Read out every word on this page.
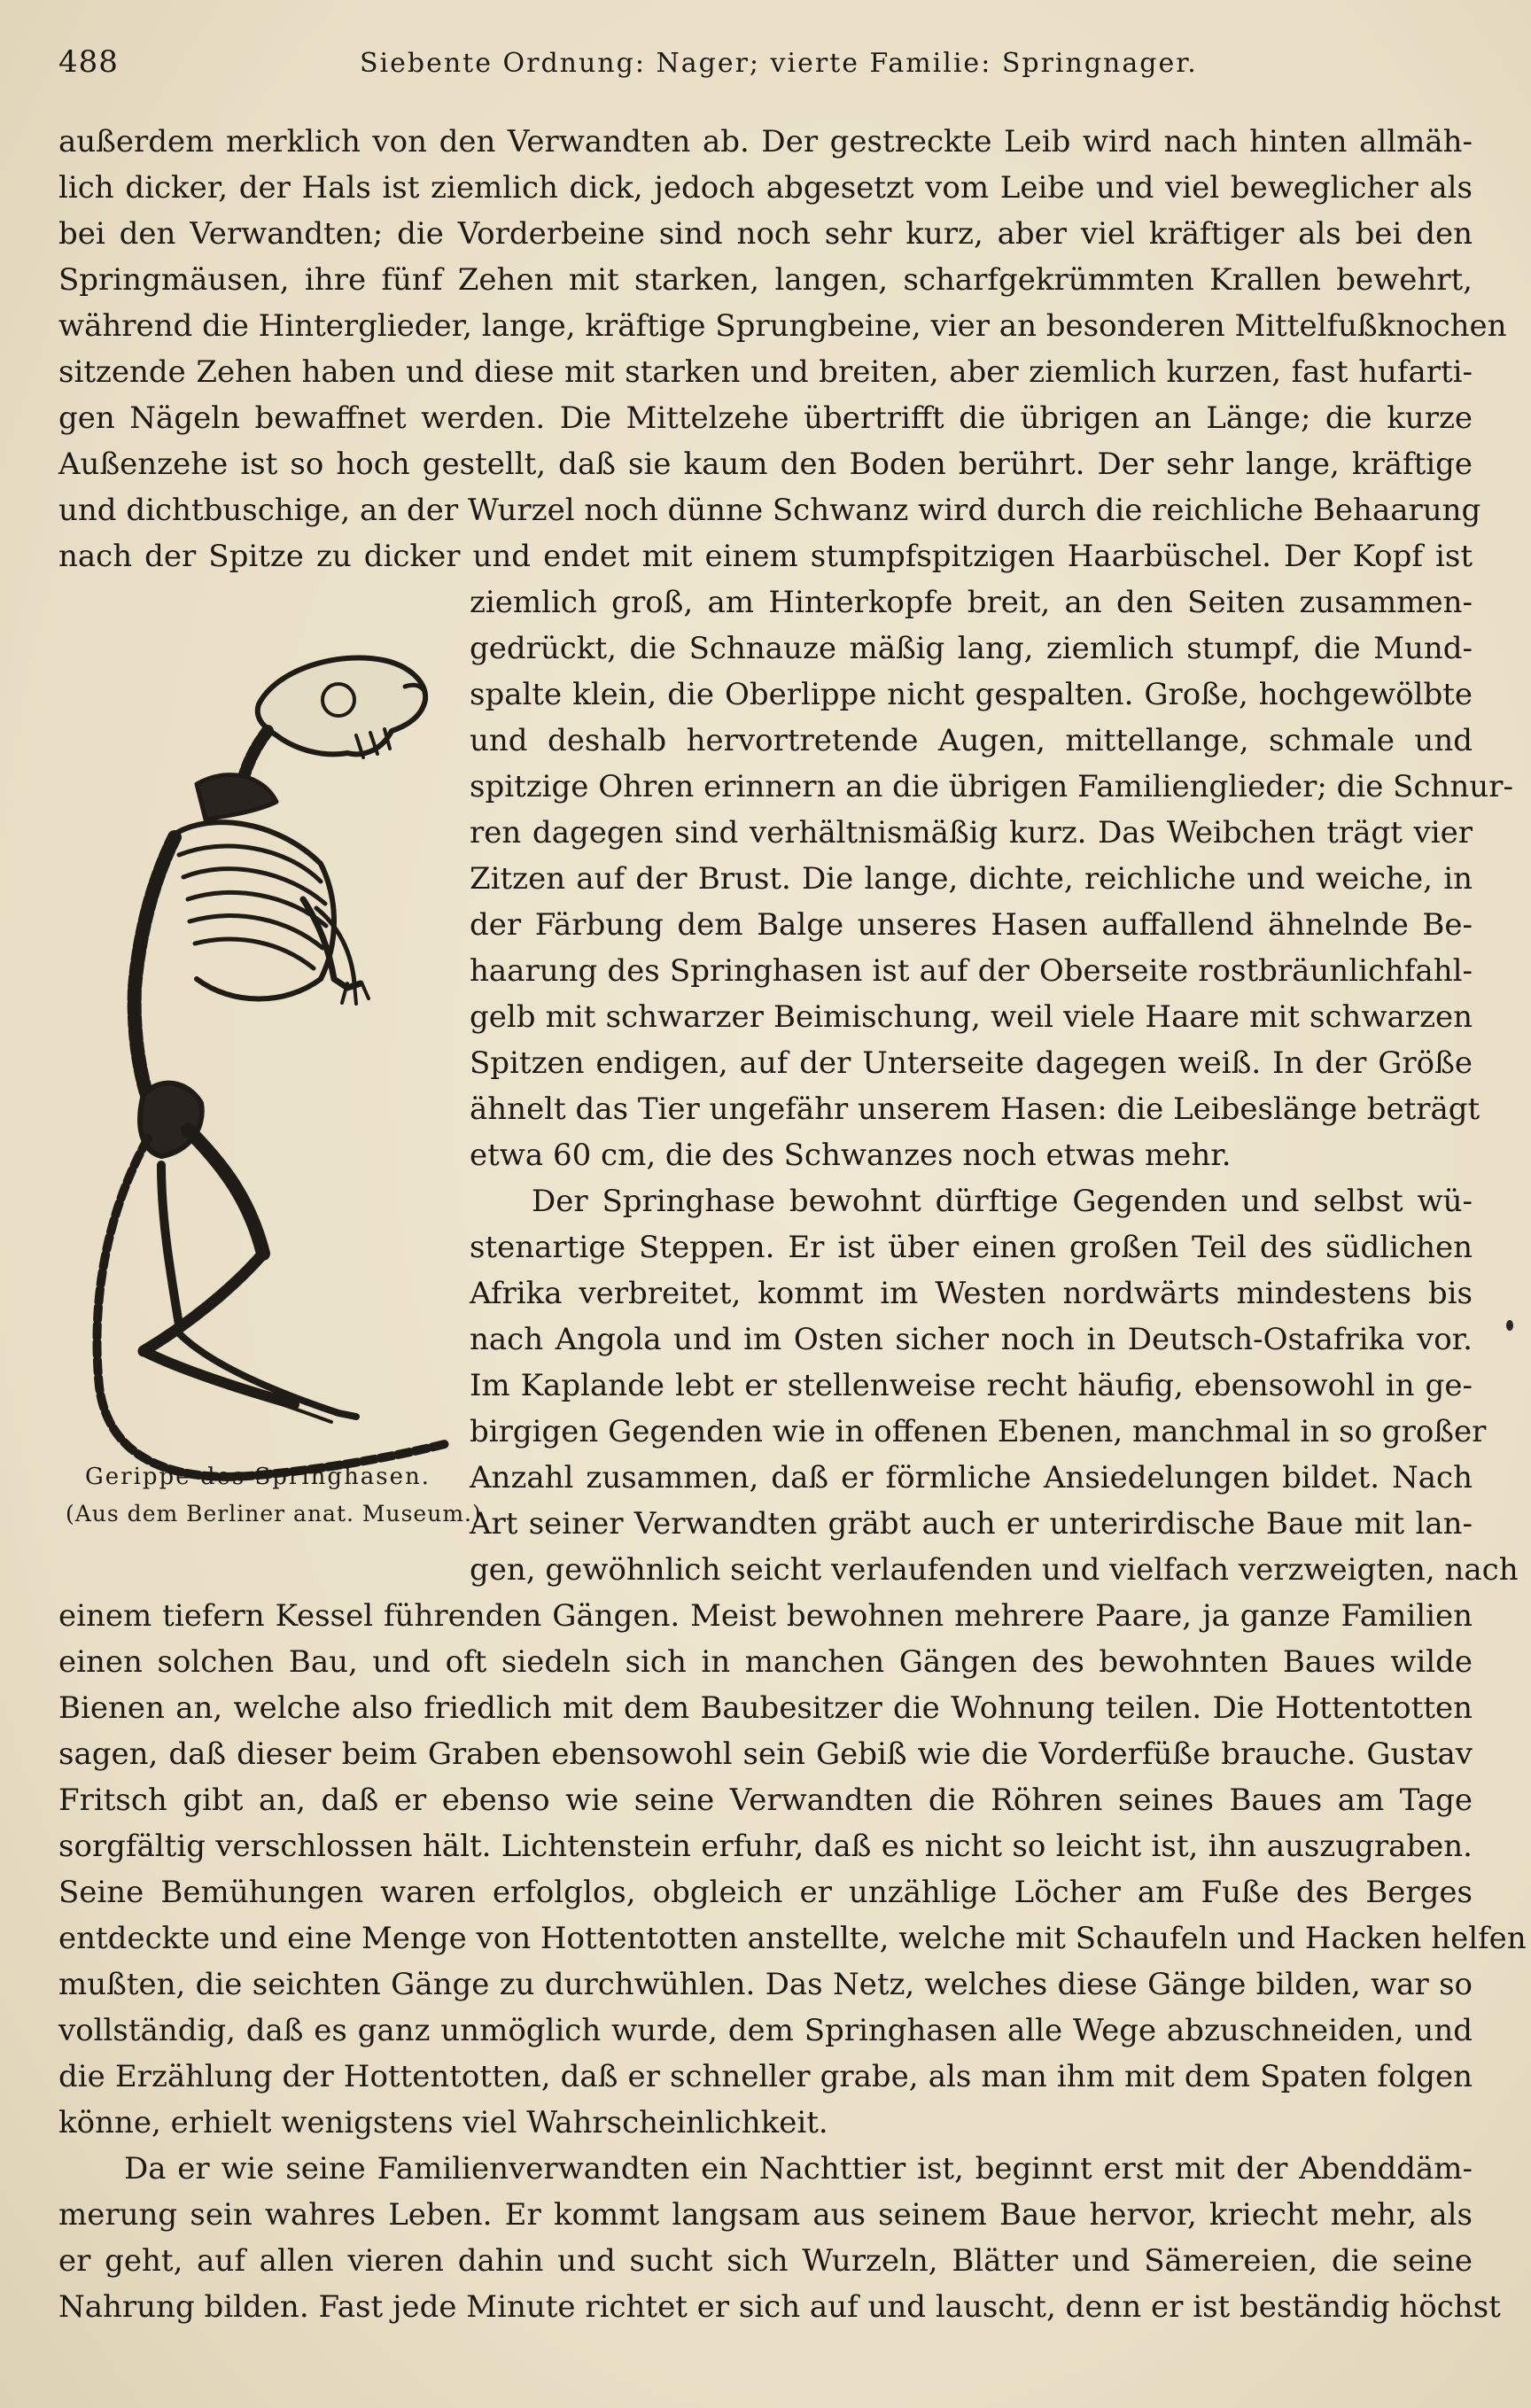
488	Siebente Ordnung: Nager; vierte Familie: Springnager.
außerdem merklich von den Verwandten ab. Der gestreckte Leib wird nach hinten allmäh-
lich dicker, der Hals ist ziemlich dick, jedoch abgesetzt vom Leibe und viel beweglicher als
bei den Verwandten; die Vorderbeine sind noch sehr kurz, aber viel kräftiger als bei den
Springmäusen, ihre fünf Zehen mit starken, langen, scharfgekrümmten Krallen bewehrt,
während die Hinterglieder, lange, kräftige Sprungbeine, vier an besonderen Mittelfußknochen
sitzende Zehen haben und diese mit starken und breiten, aber ziemlich kurzen, fast hufarti-
gen Nägeln bewaffnet werden. Die Mittelzehe übertrifft die übrigen an Länge; die kurze
Außenzehe ist so hoch gestellt, daß sie kaum den Boden berührt. Der sehr lange, kräftige
und dichtbuschige, an der Wurzel noch dünne Schwanz wird durch die reichliche Behaarung
nach der Spitze zu dicker und endet mit einem stumpfspitzigen Haarbüschel. Der Kopf ist
ziemlich groß, am Hinterkopfe breit, an den Seiten zusammen-
gedrückt, die Schnauze mäßig lang, ziemlich stumpf, die Mund-
spalte klein, die Oberlippe nicht gespalten. Große, hochgewölbte
und deshalb hervortretende Augen, mittellange, schmale und
spitzige Ohren erinnern an die übrigen Familienglieder; die Schnur-
ren dagegen sind verhältnismäßig kurz. Das Weibchen trägt vier
Zitzen auf der Brust. Die lange, dichte, reichliche und weiche, in
der Färbung dem Balge unseres Hasen auffallend ähnelnde Be-
haarung des Springhasen ist auf der Oberseite rostbräunlichfahl-
gelb mit schwarzer Beimischung, weil viele Haare mit schwarzen
Spitzen endigen, auf der Unterseite dagegen weiß. In der Größe
ähnelt das Tier ungefähr unserem Hasen: die Leibeslänge beträgt
etwa 60 cm, die des Schwanzes noch etwas mehr.
Der Springhase bewohnt dürftige Gegenden und selbst wü-
stenartige Steppen. Er ist über einen großen Teil des südlichen
Afrika verbreitet, kommt im Westen nordwärts mindestens bis
nach Angola und im Osten sicher noch in Deutsch-Ostafrika vor.
Im Kaplande lebt er stellenweise recht häufig, ebensowohl in ge-
birgigen Gegenden wie in offenen Ebenen, manchmal in so großer
Anzahl zusammen, daß er förmliche Ansiedelungen bildet. Nach
Art seiner Verwandten gräbt auch er unterirdische Baue mit lan-
gen, gewöhnlich seicht verlaufenden und vielfach verzweigten, nach
einem tiefern Kessel führenden Gängen. Meist bewohnen mehrere Paare, ja ganze Familien
einen solchen Bau, und oft siedeln sich in manchen Gängen des bewohnten Baues wilde
Bienen an, welche also friedlich mit dem Baubesitzer die Wohnung teilen. Die Hottentotten
sagen, daß dieser beim Graben ebensowohl sein Gebiß wie die Vorderfüße brauche. Gustav
Fritsch gibt an, daß er ebenso wie seine Verwandten die Röhren seines Baues am Tage
sorgfältig verschlossen hält. Lichtenstein erfuhr, daß es nicht so leicht ist, ihn auszugraben.
Seine Bemühungen waren erfolglos, obgleich er unzählige Löcher am Fuße des Berges
entdeckte und eine Menge von Hottentotten anstellte, welche mit Schaufeln und Hacken helfen
mußten, die seichten Gänge zu durchwühlen. Das Netz, welches diese Gänge bilden, war so
vollständig, daß es ganz unmöglich wurde, dem Springhasen alle Wege abzuschneiden, und
die Erzählung der Hottentotten, daß er schneller grabe, als man ihm mit dem Spaten folgen
könne, erhielt wenigstens viel Wahrscheinlichkeit.
Da er wie seine Familienverwandten ein Nachttier ist, beginnt erst mit der Abenddäm-
merung sein wahres Leben. Er kommt langsam aus seinem Baue hervor, kriecht mehr, als
er geht, auf allen vieren dahin und sucht sich Wurzeln, Blätter und Sämereien, die seine
Nahrung bilden. Fast jede Minute richtet er sich auf und lauscht, denn er ist beständig höchst
Gerippe des Springhasen.
(Aus dem Berliner anat. Museum.)
